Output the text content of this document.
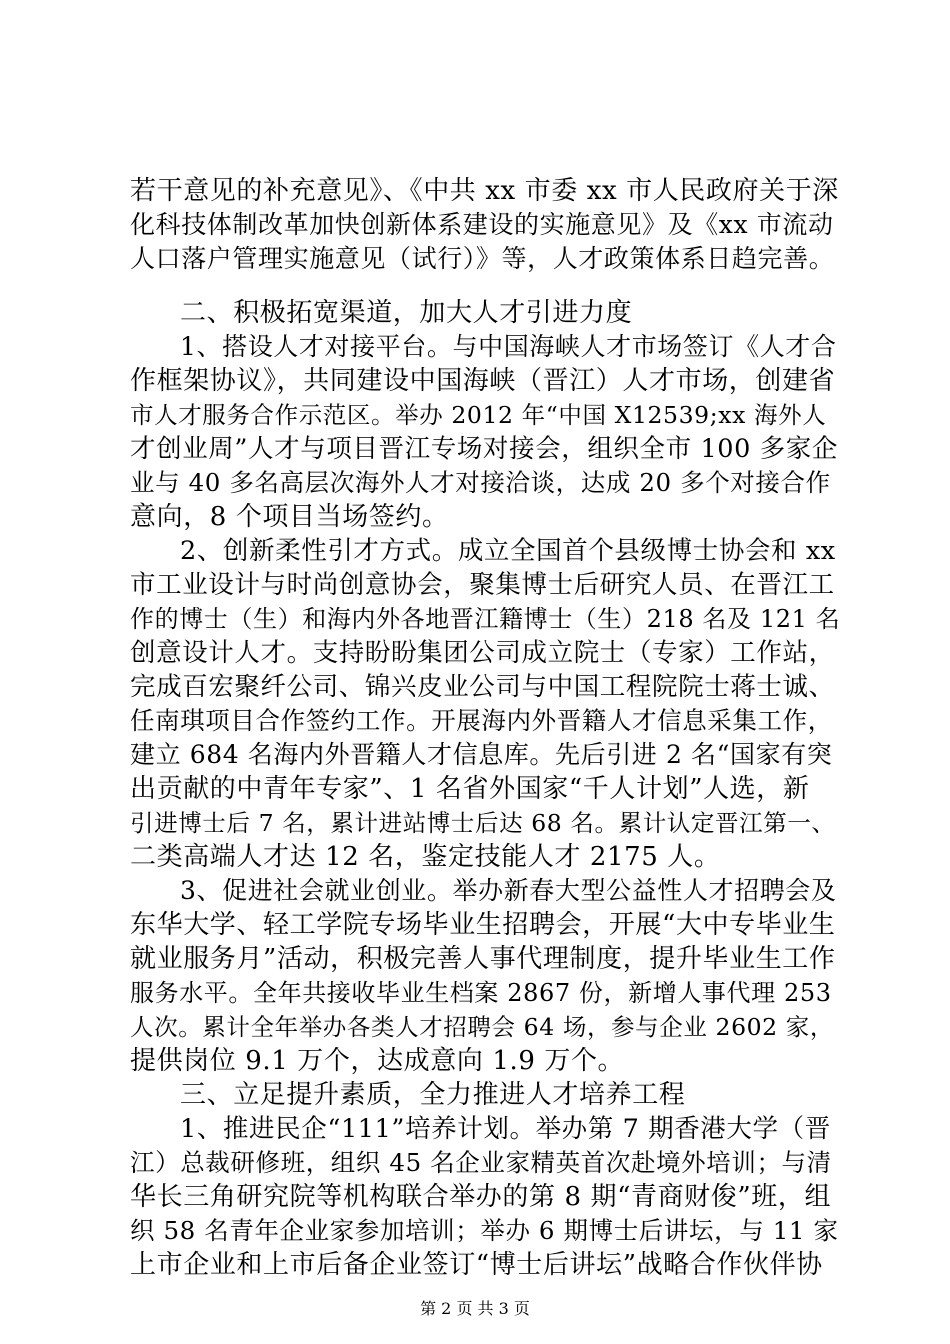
若干意见的补充意见》、《中共 xx 市委 xx 市人民政府关于深
化科技体制改革加快创新体系建设的实施意见》及《xx 市流动
人口落户管理实施意见（试行）》等，人才政策体系日趋完善。
二、积极拓宽渠道，加大人才引进力度
1、搭设人才对接平台。与中国海峡人才市场签订《人才合
作框架协议》，共同建设中国海峡（晋江）人才市场，创建省
市人才服务合作示范区。举办 2012 年“中国 X12539;xx 海外人
才创业周”人才与项目晋江专场对接会，组织全市 100 多家企
业与 40 多名高层次海外人才对接洽谈，达成 20 多个对接合作
意向，8 个项目当场签约。
2、创新柔性引才方式。成立全国首个县级博士协会和 xx
市工业设计与时尚创意协会，聚集博士后研究人员、在晋江工
作的博士（生）和海内外各地晋江籍博士（生）218 名及 121 名
创意设计人才。支持盼盼集团公司成立院士（专家）工作站，
完成百宏聚纤公司、锦兴皮业公司与中国工程院院士蒋士诚、
任南琪项目合作签约工作。开展海内外晋籍人才信息采集工作，
建立 684 名海内外晋籍人才信息库。先后引进 2 名“国家有突
出贡献的中青年专家”、1 名省外国家“千人计划”人选，新
引进博士后 7 名，累计进站博士后达 68 名。累计认定晋江第一、
二类高端人才达 12 名，鉴定技能人才 2175 人。
3、促进社会就业创业。举办新春大型公益性人才招聘会及
东华大学、轻工学院专场毕业生招聘会，开展“大中专毕业生
就业服务月”活动，积极完善人事代理制度，提升毕业生工作
服务水平。全年共接收毕业生档案 2867 份，新增人事代理 253
人次。累计全年举办各类人才招聘会 64 场，参与企业 2602 家，
提供岗位 9.1 万个，达成意向 1.9 万个。
三、立足提升素质，全力推进人才培养工程
1、推进民企“111”培养计划。举办第 7 期香港大学（晋
江）总裁研修班，组织 45 名企业家精英首次赴境外培训；与清
华长三角研究院等机构联合举办的第 8 期“青商财俊”班，组
织 58 名青年企业家参加培训；举办 6 期博士后讲坛，与 11 家
上市企业和上市后备企业签订“博士后讲坛”战略合作伙伴协
第 2 页 共 3 页
